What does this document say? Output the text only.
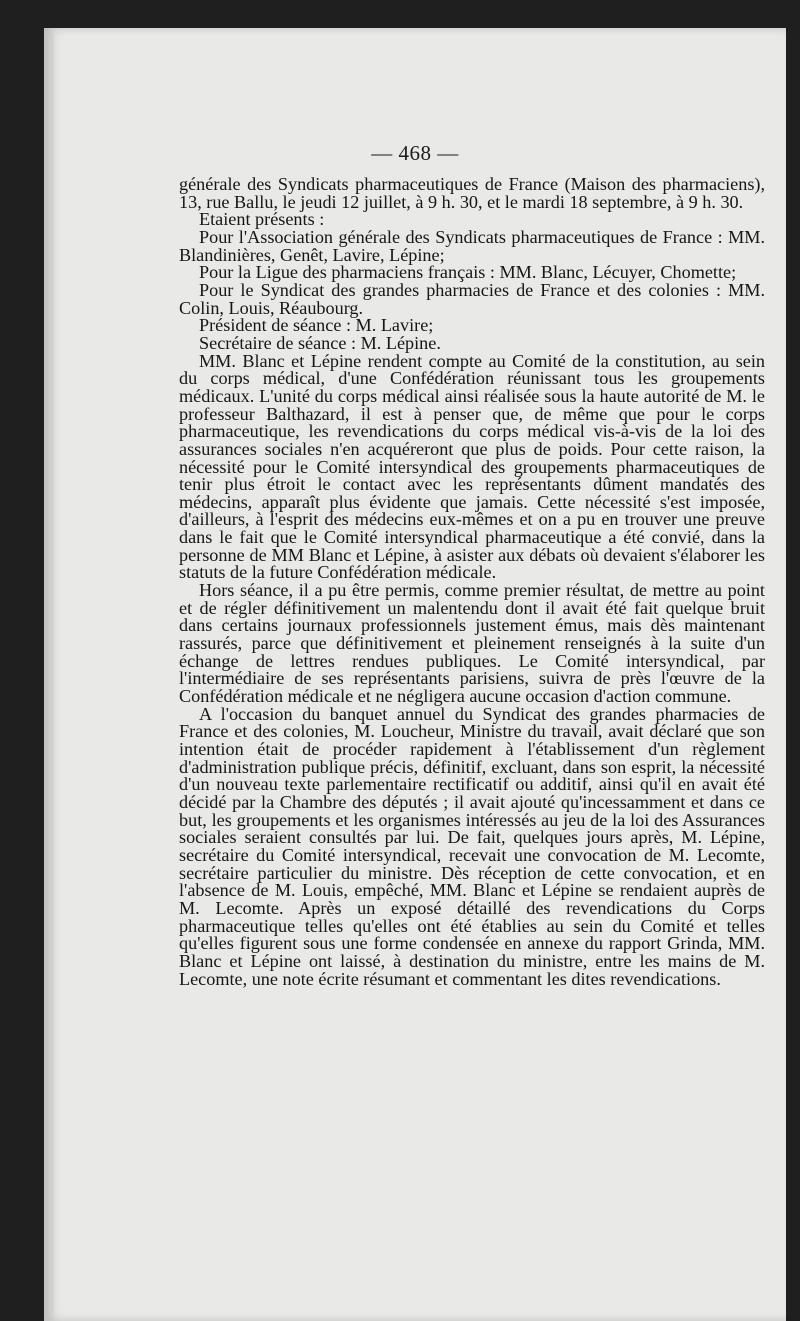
— 468 —

générale des Syndicats pharmaceutiques de France (Maison des pharmaciens), 13, rue Ballu, le jeudi 12 juillet, à 9 h. 30, et le mardi 18 septembre, à 9 h. 30.

Etaient présents :

Pour l'Association générale des Syndicats pharmaceutiques de France : MM. Blandinières, Genêt, Lavire, Lépine;

Pour la Ligue des pharmaciens français : MM. Blanc, Lécuyer, Chomette;

Pour le Syndicat des grandes pharmacies de France et des colonies : MM. Colin, Louis, Réaubourg.

Président de séance : M. Lavire;

Secrétaire de séance : M. Lépine.

MM. Blanc et Lépine rendent compte au Comité de la constitution, au sein du corps médical, d'une Confédération réunissant tous les groupements médicaux. L'unité du corps médical ainsi réalisée sous la haute autorité de M. le professeur Balthazard, il est à penser que, de même que pour le corps pharmaceutique, les revendications du corps médical vis-à-vis de la loi des assurances sociales n'en acquéreront que plus de poids. Pour cette raison, la nécessité pour le Comité intersyndical des groupements pharmaceutiques de tenir plus étroit le contact avec les représentants dûment mandatés des médecins, apparaît plus évidente que jamais. Cette nécessité s'est imposée, d'ailleurs, à l'esprit des médecins eux-mêmes et on a pu en trouver une preuve dans le fait que le Comité intersyndical pharmaceutique a été convié, dans la personne de MM Blanc et Lépine, à asister aux débats où devaient s'élaborer les statuts de la future Confédération médicale.

Hors séance, il a pu être permis, comme premier résultat, de mettre au point et de régler définitivement un malentendu dont il avait été fait quelque bruit dans certains journaux professionnels justement émus, mais dès maintenant rassurés, parce que définitivement et pleinement renseignés à la suite d'un échange de lettres rendues publiques. Le Comité intersyndical, par l'intermédiaire de ses représentants parisiens, suivra de près l'œuvre de la Confédération médicale et ne négligera aucune occasion d'action commune.

A l'occasion du banquet annuel du Syndicat des grandes pharmacies de France et des colonies, M. Loucheur, Ministre du travail, avait déclaré que son intention était de procéder rapidement à l'établissement d'un règlement d'administration publique précis, définitif, excluant, dans son esprit, la nécessité d'un nouveau texte parlementaire rectificatif ou additif, ainsi qu'il en avait été décidé par la Chambre des députés ; il avait ajouté qu'incessamment et dans ce but, les groupements et les organismes intéressés au jeu de la loi des Assurances sociales seraient consultés par lui. De fait, quelques jours après, M. Lépine, secrétaire du Comité intersyndical, recevait une convocation de M. Lecomte, secrétaire particulier du ministre. Dès réception de cette convocation, et en l'absence de M. Louis, empêché, MM. Blanc et Lépine se rendaient auprès de M. Lecomte. Après un exposé détaillé des revendications du Corps pharmaceutique telles qu'elles ont été établies au sein du Comité et telles qu'elles figurent sous une forme condensée en annexe du rapport Grinda, MM. Blanc et Lépine ont laissé, à destination du ministre, entre les mains de M. Lecomte, une note écrite résumant et commentant les dites revendications.
